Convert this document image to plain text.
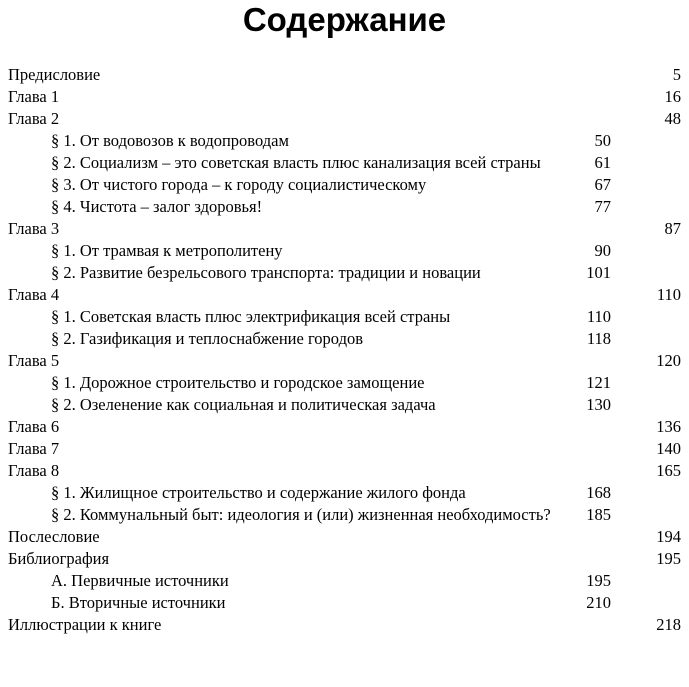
Содержание
Предисловие	5
Глава 1	16
Глава 2	48
§ 1. От водовозов к водопроводам	50
§ 2. Социализм – это советская власть плюс канализация всей страны	61
§ 3. От чистого города – к городу социалистическому	67
§ 4. Чистота – залог здоровья!	77
Глава 3	87
§ 1. От трамвая к метрополитену	90
§ 2. Развитие безрельсового транспорта: традиции и новации	101
Глава 4	110
§ 1. Советская власть плюс электрификация всей страны	110
§ 2. Газификация и теплоснабжение городов	118
Глава 5	120
§ 1. Дорожное строительство и городское замощение	121
§ 2. Озеленение как социальная и политическая задача	130
Глава 6	136
Глава 7	140
Глава 8	165
§ 1. Жилищное строительство и содержание жилого фонда	168
§ 2. Коммунальный быт: идеология и (или) жизненная необходимость?	185
Послесловие	194
Библиография	195
А. Первичные источники	195
Б. Вторичные источники	210
Иллюстрации к книге	218
